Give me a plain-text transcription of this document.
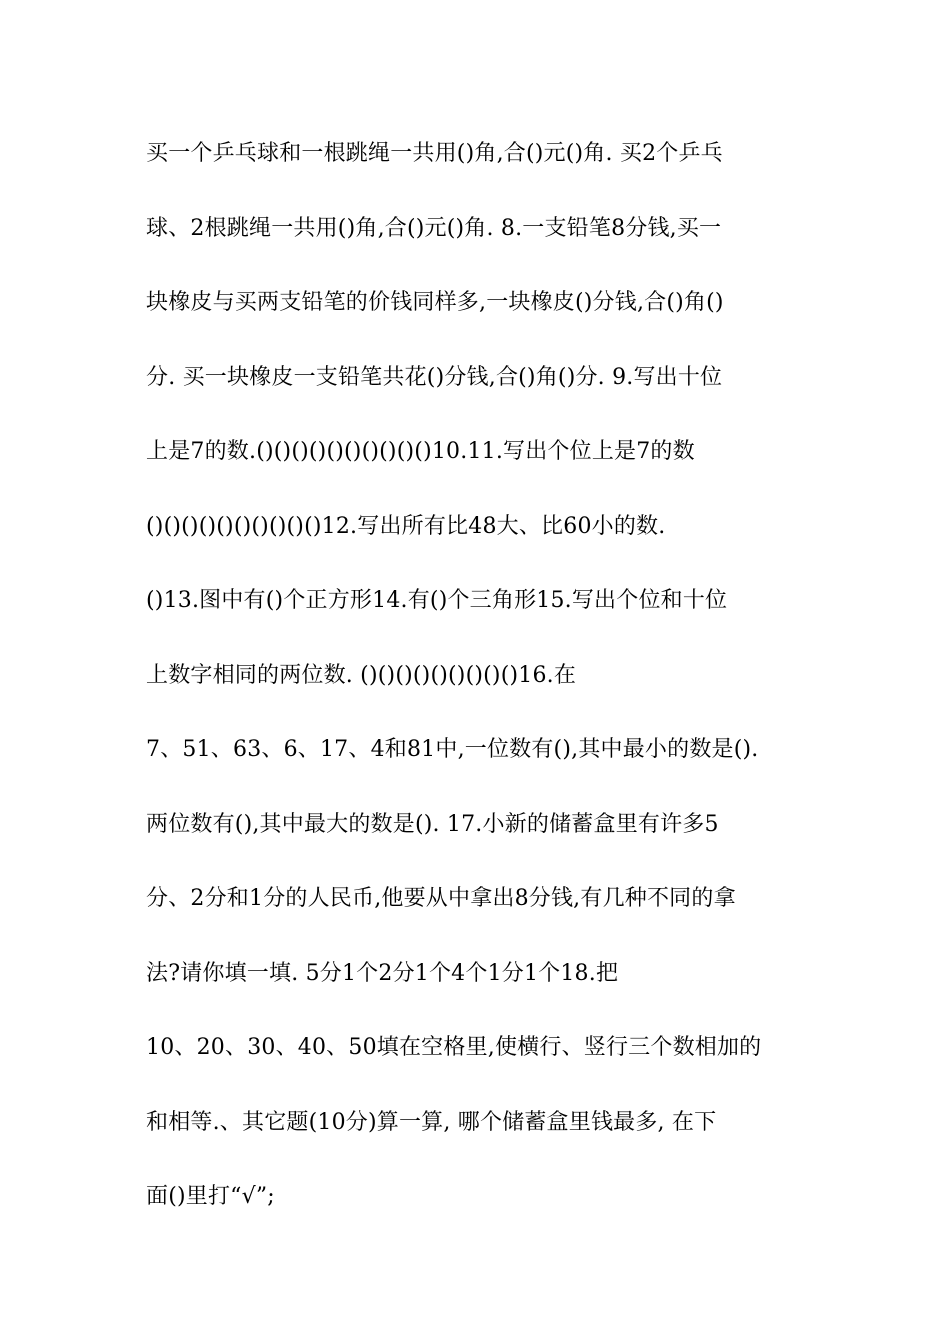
买一个乒乓球和一根跳绳一共用()角,合()元()角. 买2个乒乓
球、2根跳绳一共用()角,合()元()角. 8.一支铅笔8分钱,买一
块橡皮与买两支铅笔的价钱同样多,一块橡皮()分钱,合()角()
分. 买一块橡皮一支铅笔共花()分钱,合()角()分. 9.写出十位
上是7的数.()()()()()()()()()()10.11.写出个位上是7的数
()()()()()()()()()()12.写出所有比48大、比60小的数.
()13.图中有()个正方形14.有()个三角形15.写出个位和十位
上数字相同的两位数. ()()()()()()()()()16.在
7、51、63、6、17、4和81中,一位数有(),其中最小的数是().
两位数有(),其中最大的数是(). 17.小新的储蓄盒里有许多5
分、2分和1分的人民币,他要从中拿出8分钱,有几种不同的拿
法?请你填一填. 5分1个2分1个4个1分1个18.把
10、20、30、40、50填在空格里,使横行、竖行三个数相加的
和相等.、其它题(10分)算一算, 哪个储蓄盒里钱最多, 在下
面()里打“√”;
